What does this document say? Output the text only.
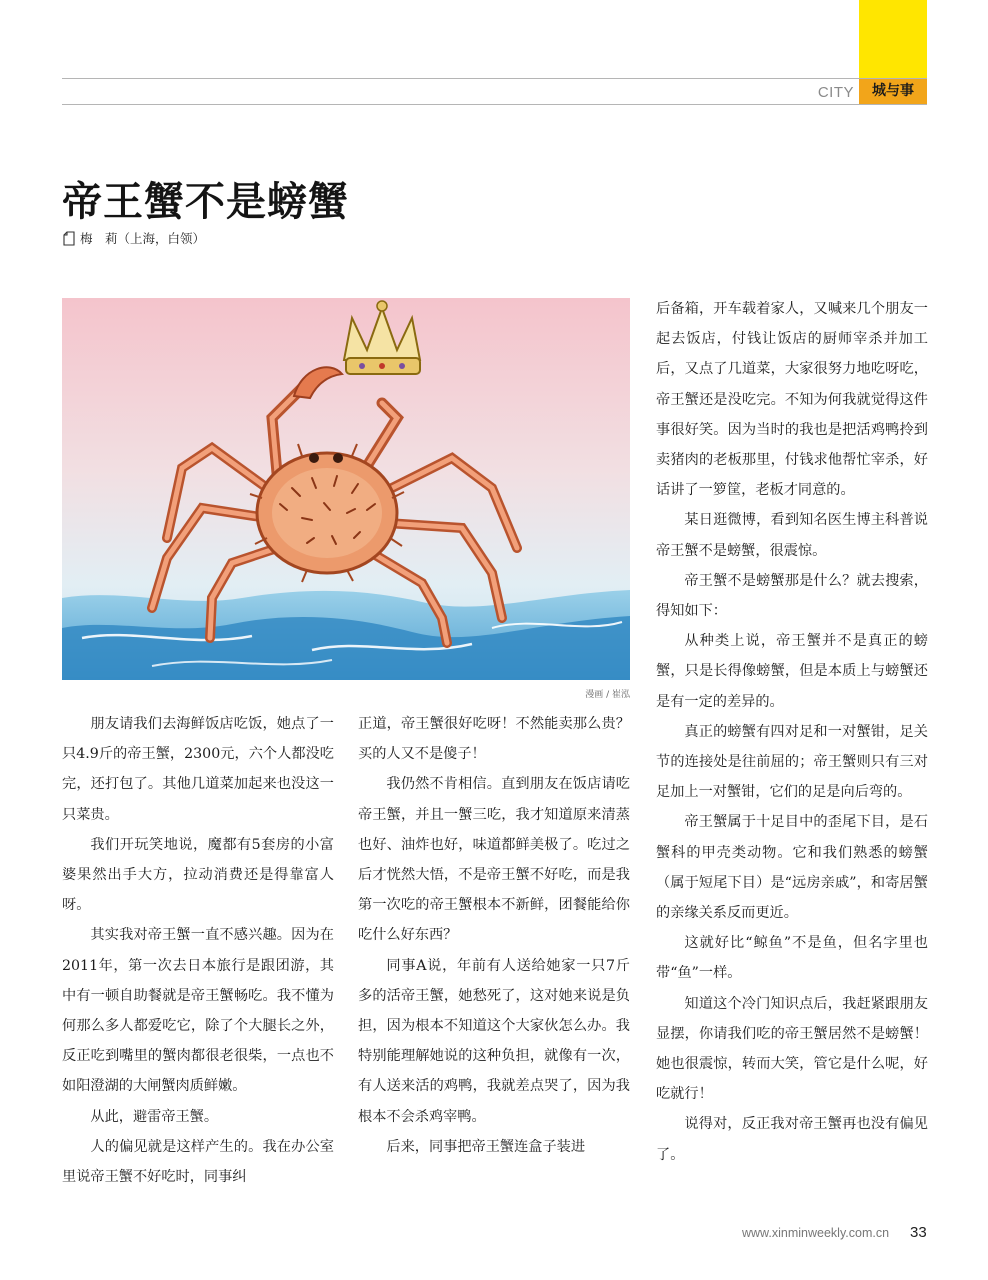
CITY	城与事
帝王蟹不是螃蟹
梅　莉（上海，白领）
漫画 / 崔泓

朋友请我们去海鲜饭店吃饭，她点了一只4.9斤的帝王蟹，2300元，六个人都没吃完，还打包了。其他几道菜加起来也没这一只菜贵。

我们开玩笑地说，魔都有5套房的小富婆果然出手大方，拉动消费还是得靠富人呀。

其实我对帝王蟹一直不感兴趣。因为在2011年，第一次去日本旅行是跟团游，其中有一顿自助餐就是帝王蟹畅吃。我不懂为何那么多人都爱吃它，除了个大腿长之外，反正吃到嘴里的蟹肉都很老很柴，一点也不如阳澄湖的大闸蟹肉质鲜嫩。

从此，避雷帝王蟹。

人的偏见就是这样产生的。我在办公室里说帝王蟹不好吃时，同事纠

正道，帝王蟹很好吃呀！不然能卖那么贵？买的人又不是傻子！

我仍然不肯相信。直到朋友在饭店请吃帝王蟹，并且一蟹三吃，我才知道原来清蒸也好、油炸也好，味道都鲜美极了。吃过之后才恍然大悟，不是帝王蟹不好吃，而是我第一次吃的帝王蟹根本不新鲜，团餐能给你吃什么好东西？

同事A说，年前有人送给她家一只7斤多的活帝王蟹，她愁死了，这对她来说是负担，因为根本不知道这个大家伙怎么办。我特别能理解她说的这种负担，就像有一次，有人送来活的鸡鸭，我就差点哭了，因为我根本不会杀鸡宰鸭。

后来，同事把帝王蟹连盒子装进

后备箱，开车载着家人，又喊来几个朋友一起去饭店，付钱让饭店的厨师宰杀并加工后，又点了几道菜，大家很努力地吃呀吃，帝王蟹还是没吃完。不知为何我就觉得这件事很好笑。因为当时的我也是把活鸡鸭拎到卖猪肉的老板那里，付钱求他帮忙宰杀，好话讲了一箩筐，老板才同意的。

某日逛微博，看到知名医生博主科普说帝王蟹不是螃蟹，很震惊。

帝王蟹不是螃蟹那是什么？就去搜索，得知如下：

从种类上说，帝王蟹并不是真正的螃蟹，只是长得像螃蟹，但是本质上与螃蟹还是有一定的差异的。

真正的螃蟹有四对足和一对蟹钳，足关节的连接处是往前屈的；帝王蟹则只有三对足加上一对蟹钳，它们的足是向后弯的。

帝王蟹属于十足目中的歪尾下目，是石蟹科的甲壳类动物。它和我们熟悉的螃蟹（属于短尾下目）是“远房亲戚”，和寄居蟹的亲缘关系反而更近。

这就好比“鲸鱼”不是鱼，但名字里也带“鱼”一样。

知道这个冷门知识点后，我赶紧跟朋友显摆，你请我们吃的帝王蟹居然不是螃蟹！她也很震惊，转而大笑，管它是什么呢，好吃就行！

说得对，反正我对帝王蟹再也没有偏见了。

www.xinminweekly.com.cn 33
